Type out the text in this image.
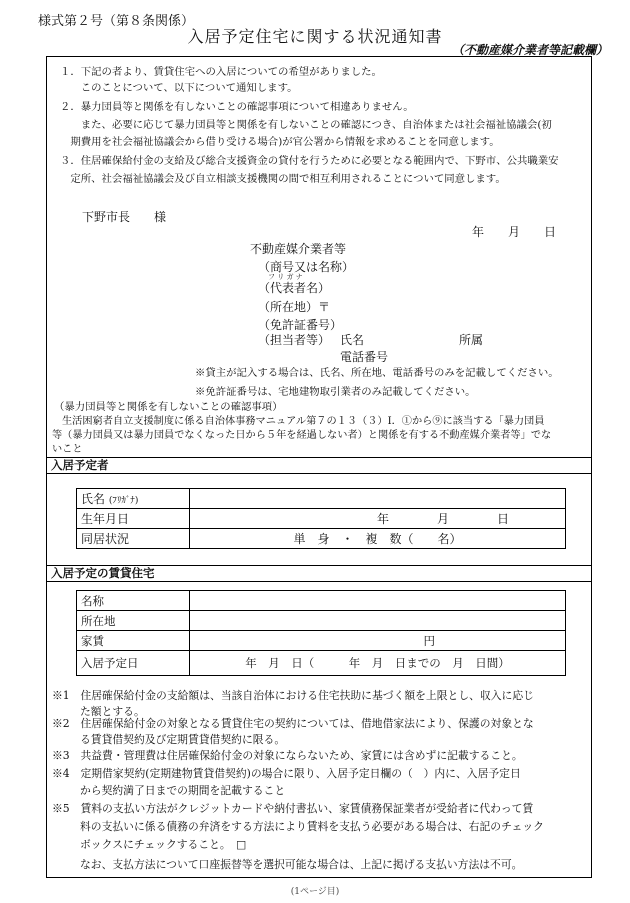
様式第２号（第８条関係）
入居予定住宅に関する状況通知書
（不動産媒介業者等記載欄）
１．下記の者より、賃貸住宅への入居についての希望がありました。
　　このことについて、以下について通知します。
２．暴力団員等と関係を有しないことの確認事項について相違ありません。
　　また、必要に応じて暴力団員等と関係を有しないことの確認につき、自治体または社会福祉協議会(初
　期費用を社会福祉協議会から借り受ける場合)が官公署から情報を求めることを同意します。
３．住居確保給付金の支給及び総合支援資金の貸付を行うために必要となる範囲内で、下野市、公共職業安
　定所、社会福祉協議会及び自立相談支援機関の間で相互利用されることについて同意します。
下野市長　　様
年　　月　　日
不動産媒介業者等
（商号又は名称）
フ リ ガ ナ
（代表者名）
（所在地）〒
（免許証番号）
（担当者等） 氏名	所属
電話番号
※貸主が記入する場合は、氏名、所在地、電話番号のみを記載してください。
※免許証番号は、宅地建物取引業者のみ記載してください。
（暴力団員等と関係を有しないことの確認事項）
生活困窮者自立支援制度に係る自治体事務マニュアル第７の１３（３）Ⅰ．①から⑨に該当する「暴力団員
等（暴力団員又は暴力団員でなくなった日から５年を経過しない者）と関係を有する不動産媒介業者等」でな
いこと
入居予定者
氏名 (ﾌﾘｶﾞﾅ)	
生年月日	年　　　　月　　　　日
同居状況	単　身　・　複　数（　　名）
入居予定の賃貸住宅
名称	
所在地	
家賃	円
入居予定日	年　月　日（　　　年　月　日までの　月　日間）
※1　 住居確保給付金の支給額は、当該自治体における住宅扶助に基づく額を上限とし、収入に応じ
た額とする。
※2　 住居確保給付金の対象となる賃貸住宅の契約については、借地借家法により、保護の対象とな
る賃貸借契約及び定期賃貸借契約に限る。
※3　 共益費・管理費は住居確保給付金の対象にならないため、家賃には含めずに記載すること。
※4　 定期借家契約(定期建物賃貸借契約)の場合に限り、入居予定日欄の（　）内に、入居予定日
から契約満了日までの期間を記載すること
※5　 賃料の支払い方法がクレジットカードや納付書払い、家賃債務保証業者が受給者に代わって賃
料の支払いに係る債務の弁済をする方法により賃料を支払う必要がある場合は、右記のチェック
ボックスにチェックすること。　□
なお、支払方法について口座振替等を選択可能な場合は、上記に掲げる支払い方法は不可。
(1ページ目)
